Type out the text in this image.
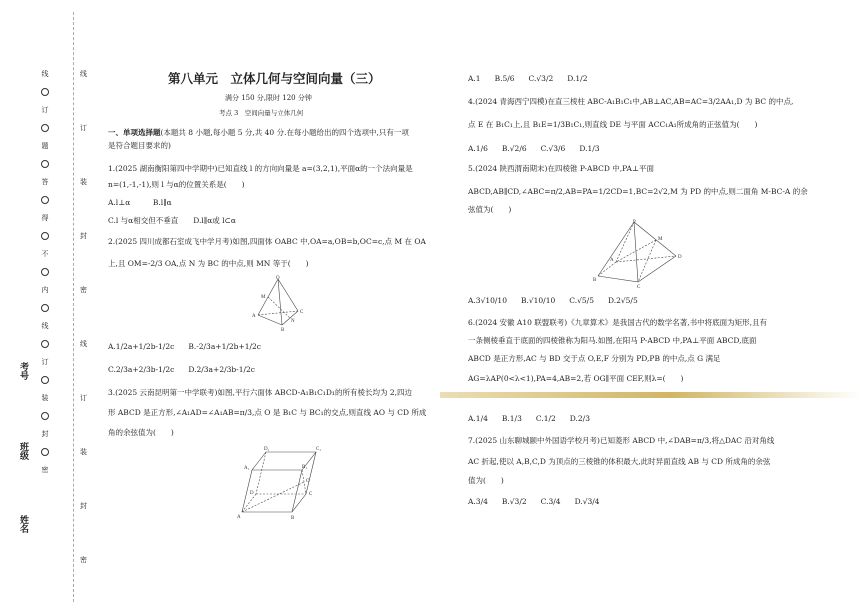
线
订
题
答
得
不
内
线
订
装
封
密
线
订
装
封
密
线
订
装
封
密
考号
班级
姓名
第八单元　立体几何与空间向量（三）
满分 150 分,限时 120 分钟
考点 3　空间向量与立体几何
一、单项选择题(本题共 8 小题,每小题 5 分,共 40 分.在每小题给出的四个选项中,只有一项
是符合题目要求的)
1.(2025 湖南衡阳第四中学期中)已知直线 l 的方向向量是 a=(3,2,1),平面α的一个法向量是
n=(1,-1,-1),则 l 与α的位置关系是(　　)
A.l⊥α　　　B.l∥α
C.l 与α相交但不垂直　　D.l∥α或 l⊂α
2.(2025 四川成都石室成飞中学月考)如图,四面体 OABC 中,OA=a,OB=b,OC=c,点 M 在 OA
上,且 OM=-2/3 OA,点 N 为 BC 的中点,则 MN 等于(　　)
O
M
A
N
C
B
A.1/2a+1/2b-1/2c B.-2/3a+1/2b+1/2c
C.2/3a+2/3b-1/2c D.2/3a+2/3b-1/2c
3.(2025 云南昆明第一中学联考)如图,平行六面体 ABCD-A₁B₁C₁D₁的所有棱长均为 2,四边
形 ABCD 是正方形,∠A₁AD=∠A₁AB=π/3,点 O 是 B₁C 与 BC₁的交点,则直线 AO 与 CD 所成
角的余弦值为(　　)
D₁	C₁
A₁	B₁
D	C
A	B
O
A.1 B.5/6 C.√3/2 D.1/2
4.(2024 青海西宁四模)在直三棱柱 ABC-A₁B₁C₁中,AB⊥AC,AB=AC=3/2AA₁,D 为 BC 的中点,
点 E 在 B₁C₁上,且 B₁E=1/3B₁C₁,则直线 DE 与平面 ACC₁A₁所成角的正弦值为(　　)
A.1/6 B.√2/6 C.√3/6 D.1/3
5.(2024 陕西渭南期末)在四棱锥 P-ABCD 中,PA⊥平面
ABCD,AB∥CD,∠ABC=π/2,AB=PA=1/2CD=1,BC=2√2,M 为 PD 的中点,则二面角 M-BC-A 的余
弦值为(　　)
P
M
A
D
B
C
A.3√10/10 B.√10/10 C.√5/5 D.2√5/5
6.(2024 安徽 A10 联盟联考)《九章算术》是我国古代的数学名著,书中将底面为矩形,且有
一条侧棱垂直于底面的四棱锥称为阳马.如图,在阳马 P-ABCD 中,PA⊥平面 ABCD,底面
ABCD 是正方形,AC 与 BD 交于点 O,E,F 分别为 PD,PB 的中点,点 G 满足
AG=λAP(0<λ<1),PA=4,AB=2,若 OG∥平面 CEF,则λ=(　　)
A.1/4 B.1/3 C.1/2 D.2/3
7.(2025 山东聊城颐中外国语学校月考)已知菱形 ABCD 中,∠DAB=π/3,将△DAC 沿对角线
AC 折起,使以 A,B,C,D 为顶点的三棱锥的体积最大,此时异面直线 AB 与 CD 所成角的余弦
值为(　　)
A.3/4 B.√3/2 C.3/4 D.√3/4
